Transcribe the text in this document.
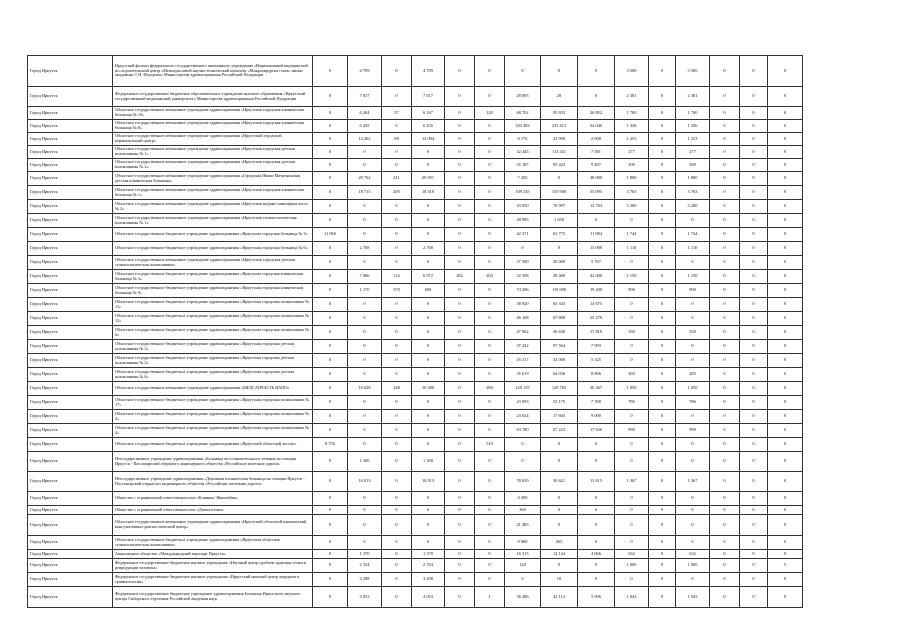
Город Иркутск	Иркутский филиал федерального государственного автономного учреждения «Национальный медицинский исследовательский центр «Межотраслевой научно-технический комплекс «Микрохирургия глаза» имени академика С.Н. Федорова» Министерства здравоохранения Российской Федерации	0	4 709	0	4 709	0	0	0	0	0	3 500	0	3 500	0	0	0
Город Иркутск	Федеральное государственное бюджетное образовательное учреждение высшего образования «Иркутский государственный медицинский университет» Министерства здравоохранения Российской Федерации	0	7 817	0	7 817	0	0	28 805	28	0	2 381	0	2 381	0	0	0
Город Иркутск	Областное государственное автономное учреждение здравоохранения «Иркутская городская клиническая больница № 10»	0	6 204	37	6 167	0	120	68 702	95 653	26 852	1 700	0	1 700	0	0	0
Город Иркутск	Областное государственное автономное учреждение здравоохранения «Иркутская городская клиническая больница № 8»	0	6 435	0	6 435	0	0	183 483	235 413	54 040	1 336	0	1 336	0	0	0
Город Иркутск	Областное государственное автономное учреждение здравоохранения «Иркутский городской перинатальный центр»	0	14 202	98	14 004	0	0	8 176	23 900	2 600	1 253	0	1 253	0	0	0
Город Иркутск	Областное государственное автономное учреждение здравоохранения «Иркутская городская детская поликлиника № 1»	0	0	0	0	0	0	32 445	113 431	7 581	277	0	277	0	0	0
Город Иркутск	Областное государственное автономное учреждение здравоохранения «Иркутская городская детская поликлиника № 2»	0	0	0	0	0	0	35 187	95 423	9 407	500	0	500	0	0	0
Город Иркутск	Областное государственное автономное учреждение здравоохранения «Городская Ивано-Матренинская детская клиническая больница»	0	29 762	311	29 051	0	0	7 250	0	38 000	1 800	0	1 800	0	0	0
Город Иркутск	Областное государственное автономное учреждение здравоохранения «Иркутская городская клиническая больница № 1»	0	18 715	205	18 510	0	0	109 335	155 900	55 095	3 763	0	3 763	0	0	0
Город Иркутск	Областное государственное автономное учреждение здравоохранения «Иркутская медико-санитарная часть № 2»	0	0	0	0	0	0	43 050	70 997	12 763	3 200	0	3 200	0	0	0
Город Иркутск	Областное государственное автономное учреждение здравоохранения «Иркутская стоматологическая поликлиника № 1»	0	0	0	0	0	0	28 985	1 650	0	0	0	0	0	0	0
Город Иркутск	Областное государственное бюджетное учреждение здравоохранения «Иркутская городская больница № 3»	11 060	0	0	0	0	0	42 371	63 775	11 984	1 744	0	1 744	0	0	0
Город Иркутск	Областное государственное бюджетное учреждение здравоохранения «Иркутская городская больница № 6»	0	2 768	0	2 768	0	0	0	0	13 000	1 110	0	1 110	0	0	0
Город Иркутск	Областное государственное автономное учреждение здравоохранения «Иркутская городская детская стоматологическая поликлиника»	0	0	0	0	0	0	37 500	20 000	5 767	0	0	0	0	0	0
Город Иркутск	Областное государственное бюджетное учреждение здравоохранения «Иркутская городская клиническая больница № 3»	0	7 086	114	6 972	282	203	32 308	28 460	42 000	1 150	0	1 150	0	0	0
Город Иркутск	Областное государственное бюджетное учреждение здравоохранения «Иркутская городская клиническая больница № 9»	0	1 170	570	600	0	0	74 206	110 000	19 200	900	0	900	0	0	0
Город Иркутск	Областное государственное бюджетное учреждение здравоохранения «Иркутская городская поликлиника № 11»	0	0	0	0	0	0	38 920	65 343	14 675	0	0	0	0	0	0
Город Иркутск	Областное государственное бюджетное учреждение здравоохранения «Иркутская городская поликлиника № 15»	0	0	0	0	0	0	46 168	67 800	25 279	0	0	0	0	0	0
Город Иркутск	Областное государственное бюджетное учреждение здравоохранения «Иркутская городская поликлиника № 6»	0	0	0	0	0	0	47 962	56 640	17 819	350	0	350	0	0	0
Город Иркутск	Областное государственное бюджетное учреждение здравоохранения «Иркутская городская детская поликлиника № 3»	0	0	0	0	0	0	37 432	97 564	7 993	0	0	0	0	0	0
Город Иркутск	Областное государственное бюджетное учреждение здравоохранения «Иркутская городская детская поликлиника № 5»	0	0	0	0	0	0	16 317	34 000	5 325	0	0	0	0	0	0
Город Иркутск	Областное государственное бюджетное учреждение здравоохранения «Иркутская городская детская поликлиника № 6»	0	0	0	0	0	0	35 619	64 036	8 806	265	0	265	0	0	0
Город Иркутск	Областное государственное автономное учреждение здравоохранения «МЕДСАНЧАСТЬ ИАПО»	0	10 628	248	10 380	0	280	120 155	120 765	30 367	1 050	0	1 050	0	0	0
Город Иркутск	Областное государственное бюджетное учреждение здравоохранения «Иркутская городская поликлиника № 17»	0	0	0	0	0	0	23 993	53 175	7 390	786	0	786	0	0	0
Город Иркутск	Областное государственное бюджетное учреждение здравоохранения «Иркутская городская поликлиника № 2»	0	0	0	0	0	0	23 024	17 603	9 000	0	0	0	0	0	0
Город Иркутск	Областное государственное бюджетное учреждение здравоохранения «Иркутская городская поликлиника № 4»	0	0	0	0	0	0	63 780	87 223	17 636	990	0	990	0	0	0
Город Иркутск	Областное государственное бюджетное учреждение здравоохранения «Иркутский областной хоспис»	8 750	0	0	0	0	510	0	0	0	0	0	0	0	0	0
Город Иркутск	Негосударственное учреждение здравоохранения «Больница восстановительного лечения на станции Иркутск - Пассажирский открытого акционерного общества «Российские железные дороги»	0	1 300	0	1 300	0	0	0	0	0	0	0	0	0	0	0
Город Иркутск	Негосударственное учреждение здравоохранения «Дорожная клиническая больница на станции Иркутск - Пассажирский открытого акционерного общества «Российские железные дороги»	0	10 013	0	10 013	0	0	78 659	30 621	13 615	1 367	0	1 367	0	0	0
Город Иркутск	Общество с ограниченной ответственностью «Клиника Эйнштейна»	0	0	0	0	0	0	4 450	0	0	0	0	0	0	0	0
Город Иркутск	Общество с ограниченной ответственностью «Диагностика»	0	0	0	0	0	0	360	0	0	0	0	0	0	0	0
Город Иркутск	Областное государственное автономное учреждение здравоохранения «Иркутский областной клинический консультативно-диагностический центр»	0	0	0	0	0	0	21 483	0	0	0	0	0	0	0	0
Город Иркутск	Областное государственное бюджетное учреждение здравоохранения «Иркутская областная стоматологическая поликлиника»	0	0	0	0	0	0	9 900	265	0	0	0	0	0	0	0
Город Иркутск	Акционерное общество «Международный аэропорт Иркутск»	0	1 370	0	1 370	0	0	16 315	12 124	4 066	632	0	632	0	0	0
Город Иркутск	Федеральное государственное бюджетное научное учреждение «Научный центр проблем здоровья семьи и репродукции человека»	0	2 354	0	2 354	0	0	128	0	0	1 000	0	1 000	0	0	5
Город Иркутск	Федеральное государственное бюджетное научное учреждение «Иркутский научный центр хирургии и травматологии»	0	3 298	0	3 298	0	0	0	10	0	0	0	0	0	0	0
Город Иркутск	Федеральное государственное бюджетное учреждение здравоохранения Больница Иркутского научного центра Сибирского отделения Российской академии наук	0	4 053	0	4 053	0	1	36 386	42 113	5 996	1 043	0	1 043	0	0	0
